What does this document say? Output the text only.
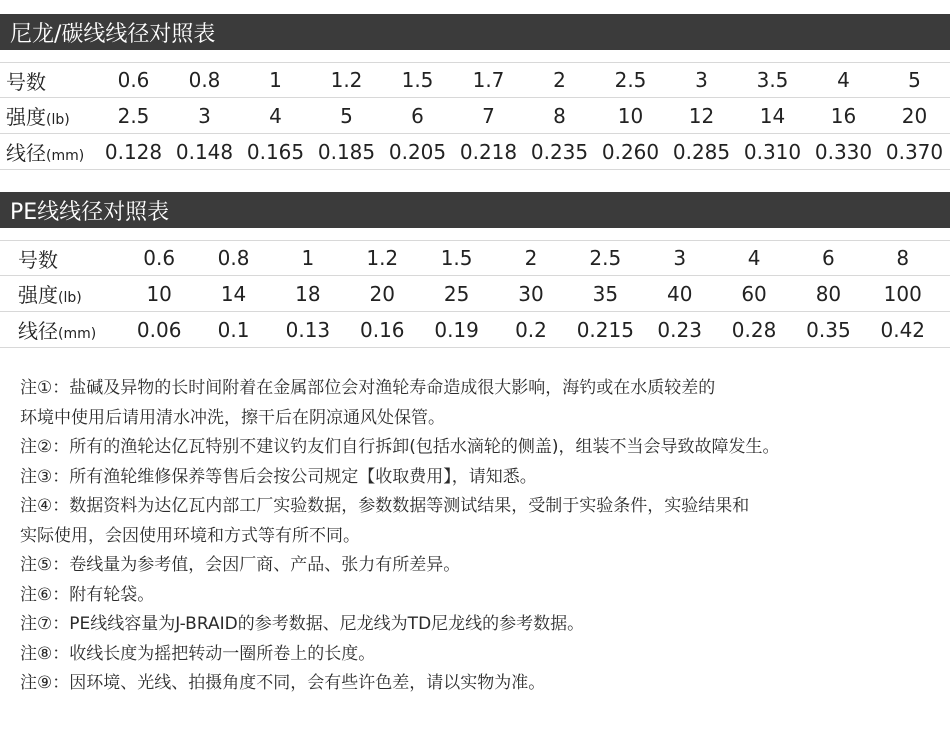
尼龙/碳线线径对照表
号数	0.6	0.8	1	1.2	1.5	1.7	2	2.5	3	3.5	4	5
强度(lb)	2.5	3	4	5	6	7	8	10	12	14	16	20
线径(mm)	0.128 0.148 0.165 0.185 0.205 0.218 0.235 0.260 0.285 0.310 0.330 0.370
PE线线径对照表
号数	0.6	0.8	1	1.2	1.5	2	2.5	3	4	6	8
强度(lb)	10	14	18	20	25	30	35	40	60	80	100
线径(mm)	0.06	0.1	0.13	0.16	0.19	0.2	0.215	0.23	0.28	0.35	0.42
注①：盐碱及异物的长时间附着在金属部位会对渔轮寿命造成很大影响，海钓或在水质较差的
环境中使用后请用清水冲洗，擦干后在阴凉通风处保管。
注②：所有的渔轮达亿瓦特别不建议钓友们自行拆卸(包括水滴轮的侧盖)，组装不当会导致故障发生。
注③：所有渔轮维修保养等售后会按公司规定【收取费用】，请知悉。
注④：数据资料为达亿瓦内部工厂实验数据，参数数据等测试结果，受制于实验条件，实验结果和
实际使用，会因使用环境和方式等有所不同。
注⑤：卷线量为参考值，会因厂商、产品、张力有所差异。
注⑥：附有轮袋。
注⑦：PE线线容量为J-BRAID的参考数据、尼龙线为TD尼龙线的参考数据。
注⑧：收线长度为摇把转动一圈所卷上的长度。
注⑨：因环境、光线、拍摄角度不同，会有些许色差，请以实物为准。
